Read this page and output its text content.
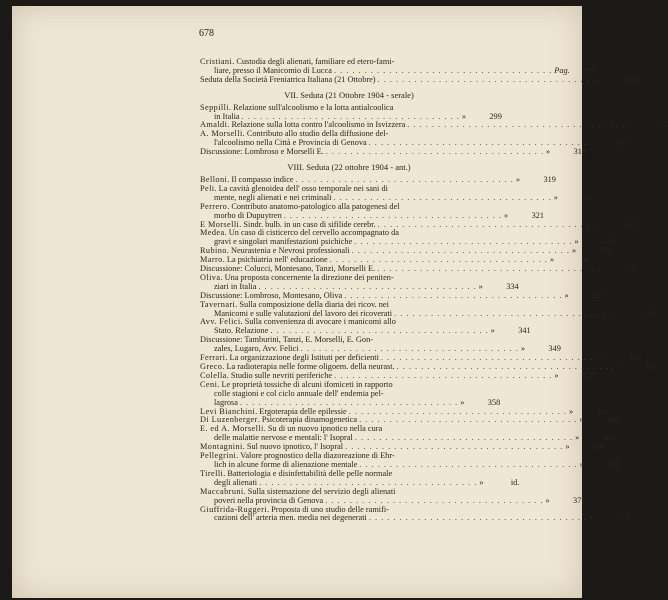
678
Cristiani. Custodia degli alienati, familiare ed etero-fami-
liare, presso il Manicomio di Lucca . . . . . . . . . . . . . . . . . . . . . . . . . . . . . . . . . . . . Pag. 296
Seduta della Società Freniatrica Italiana (21 Ottobre) . . . . . . . . . . . . . . . . . . . . . . . . . . . . . . . . . . . . »	298
VII. Seduta (21 Ottobre 1904 - serale)
Seppilli. Relazione sull'alcoolismo e la lotta antialcoolica
in Italia . . . . . . . . . . . . . . . . . . . . . . . . . . . . . . . . . . . . »	299
Amaldi. Relazione sulla lotta contro l'alcoolismo in Isvizzera . . . . . . . . . . . . . . . . . . . . . . . . . . . . . . . . . . . . »	312
A. Morselli. Contributo allo studio della diffusione del-
l'alcoolismo nella Città e Provincia di Genova . . . . . . . . . . . . . . . . . . . . . . . . . . . . . . . . . . . . »	317
Discussione: Lombroso e Morselli E. . . . . . . . . . . . . . . . . . . . . . . . . . . . . . . . . . . . . »	318
VIII. Seduta (22 ottobre 1904 - ant.)
Belloni. Il compasso indice . . . . . . . . . . . . . . . . . . . . . . . . . . . . . . . . . . . . »	319
Peli. La cavità glenoidea dell' osso temporale nei sani di
mente, negli alienati e nei criminali . . . . . . . . . . . . . . . . . . . . . . . . . . . . . . . . . . . . »	id.
Perrero. Contributo anatomo-patologico alla patogenesi del
morbo di Dupuytren . . . . . . . . . . . . . . . . . . . . . . . . . . . . . . . . . . . . »	321
E Morselli. Sindr. bulb. in un caso di sifilide cerebr. . . . . . . . . . . . . . . . . . . . . . . . . . . . . . . . . . . . . »	321
Medea. Un caso di cisticerco del cervello accompagnato da
gravi e singolari manifestazioni psichiche . . . . . . . . . . . . . . . . . . . . . . . . . . . . . . . . . . . . »	326
Rubino. Neurastenia e Nevrosi professionali . . . . . . . . . . . . . . . . . . . . . . . . . . . . . . . . . . . . »	331
Marro. La psichiatria nell' educazione . . . . . . . . . . . . . . . . . . . . . . . . . . . . . . . . . . . . »	id.
Discussione: Colucci, Montesano, Tanzi, Morselli E. . . . . . . . . . . . . . . . . . . . . . . . . . . . . . . . . . . . . »	333
Oliva. Una proposta concernente la direzione dei peniten-
ziari in Italia . . . . . . . . . . . . . . . . . . . . . . . . . . . . . . . . . . . . »	334
Discussione: Lombroso, Montesano, Oliva . . . . . . . . . . . . . . . . . . . . . . . . . . . . . . . . . . . . »	335
Tavernari. Sulla composizione della diaria dei ricov. nei
Manicomi e sulle valutazioni del lavoro dei ricoverati . . . . . . . . . . . . . . . . . . . . . . . . . . . . . . . . . . . . »	336
Avv. Felici. Sulla convenienza di avocare i manicomi allo
Stato. Relazione . . . . . . . . . . . . . . . . . . . . . . . . . . . . . . . . . . . . »	341
Discussione: Tamburini, Tanzi, E. Morselli, E. Gon-
zales, Lugaro, Avv. Felici . . . . . . . . . . . . . . . . . . . . . . . . . . . . . . . . . . . . »	349
Ferrari. La organizzazione degli Istituti per deficienti . . . . . . . . . . . . . . . . . . . . . . . . . . . . . . . . . . . . »	354
Greco. La radioterapia nelle forme oligoem. della neurast. . . . . . . . . . . . . . . . . . . . . . . . . . . . . . . . . . . . . »	356
Colella. Studio sulle nevriti periferiche . . . . . . . . . . . . . . . . . . . . . . . . . . . . . . . . . . . . »	357
Ceni. Le proprietà tossiche di alcuni ifomiceti in rapporto
colle stagioni e col ciclo annuale dell' endemia pel-
lagrosa . . . . . . . . . . . . . . . . . . . . . . . . . . . . . . . . . . . . »	358
Levi Bianchini. Ergoterapia delle epilessie . . . . . . . . . . . . . . . . . . . . . . . . . . . . . . . . . . . . »	361
Di Luzenberger. Psicoterapia dinamogenetica . . . . . . . . . . . . . . . . . . . . . . . . . . . . . . . . . . . . »	363
E. ed A. Morselli. Su di un nuovo ipnotico nella cura
delle malattie nervose e mentali: l' Isopral . . . . . . . . . . . . . . . . . . . . . . . . . . . . . . . . . . . . »	365
Montagnini. Sul nuovo ipnotico, l' Isopral . . . . . . . . . . . . . . . . . . . . . . . . . . . . . . . . . . . . »	366
Pellegrini. Valore prognostico della diazoreazione di Ehr-
lich in alcune forme di alienazione mentale . . . . . . . . . . . . . . . . . . . . . . . . . . . . . . . . . . . . »	369
Tirelli. Batteriologia e disinfettabilità delle pelle normale
degli alienati . . . . . . . . . . . . . . . . . . . . . . . . . . . . . . . . . . . . »	id.
Maccabruni. Sulla sistemazione del servizio degli alienati
poveri nella provincia di Genova . . . . . . . . . . . . . . . . . . . . . . . . . . . . . . . . . . . . »	377
Giuffrida-Ruggeri. Proposta di uno studio delle ramifi-
cazioni dell' arteria men. media nei degenerati . . . . . . . . . . . . . . . . . . . . . . . . . . . . . . . . . . . . »	379
